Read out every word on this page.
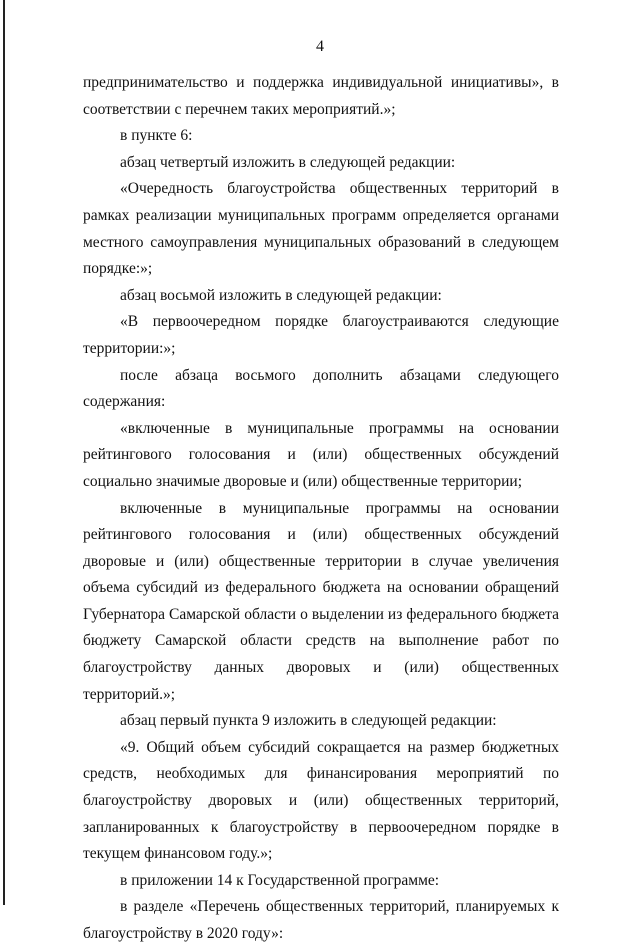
4

предпринимательство и поддержка индивидуальной инициативы», в соответствии с перечнем таких мероприятий.»;

в пункте 6:

абзац четвертый изложить в следующей редакции:

«Очередность благоустройства общественных территорий в рамках реализации муниципальных программ определяется органами местного самоуправления муниципальных образований в следующем порядке:»;

абзац восьмой изложить в следующей редакции:

«В первоочередном порядке благоустраиваются следующие территории:»;

после абзаца восьмого дополнить абзацами следующего содержания:

«включенные в муниципальные программы на основании рейтингового голосования и (или) общественных обсуждений социально значимые дворовые и (или) общественные территории;

включенные в муниципальные программы на основании рейтингового голосования и (или) общественных обсуждений дворовые и (или) общественные территории в случае увеличения объема субсидий из федерального бюджета на основании обращений Губернатора Самарской области о выделении из федерального бюджета бюджету Самарской области средств на выполнение работ по благоустройству данных дворовых и (или) общественных территорий.»;

абзац первый пункта 9 изложить в следующей редакции:

«9. Общий объем субсидий сокращается на размер бюджетных средств, необходимых для финансирования мероприятий по благоустройству дворовых и (или) общественных территорий, запланированных к благоустройству в первоочередном порядке в текущем финансовом году.»;

в приложении 14 к Государственной программе:

в разделе «Перечень общественных территорий, планируемых к благоустройству в 2020 году»:
